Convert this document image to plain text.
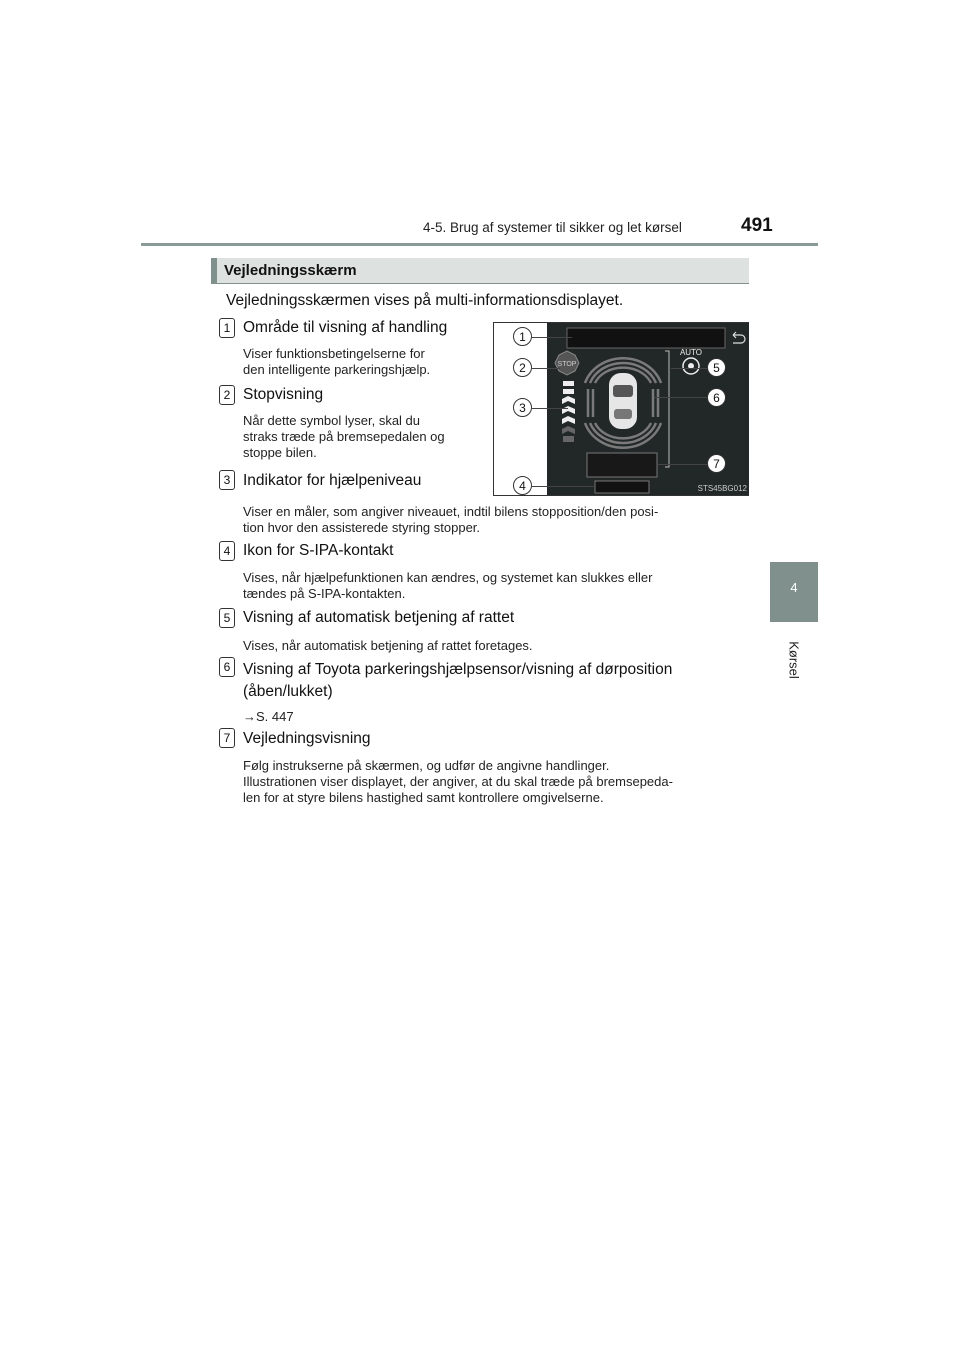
4-5. Brug af systemer til sikker og let kørsel	491
4
Kørsel
Vejledningsskærm
Vejledningsskærmen vises på multi-informationsdisplayet.
STOP
AUTO
STS45BG012
1
2
3
4
5
6
7
1 Område til visning af handling
Viser funktionsbetingelserne for
den intelligente parkeringshjælp.
2 Stopvisning
Når dette symbol lyser, skal du
straks træde på bremsepedalen og
stoppe bilen.
3 Indikator for hjælpeniveau
Viser en måler, som angiver niveauet, indtil bilens stopposition/den posi-
tion hvor den assisterede styring stopper.
4 Ikon for S-IPA-kontakt
Vises, når hjælpefunktionen kan ændres, og systemet kan slukkes eller
tændes på S-IPA-kontakten.
5 Visning af automatisk betjening af rattet
Vises, når automatisk betjening af rattet foretages.
6 Visning af Toyota parkeringshjælpsensor/visning af dørposition
(åben/lukket)
→S. 447
7 Vejledningsvisning
Følg instrukserne på skærmen, og udfør de angivne handlinger.
Illustrationen viser displayet, der angiver, at du skal træde på bremsepeda-
len for at styre bilens hastighed samt kontrollere omgivelserne.
